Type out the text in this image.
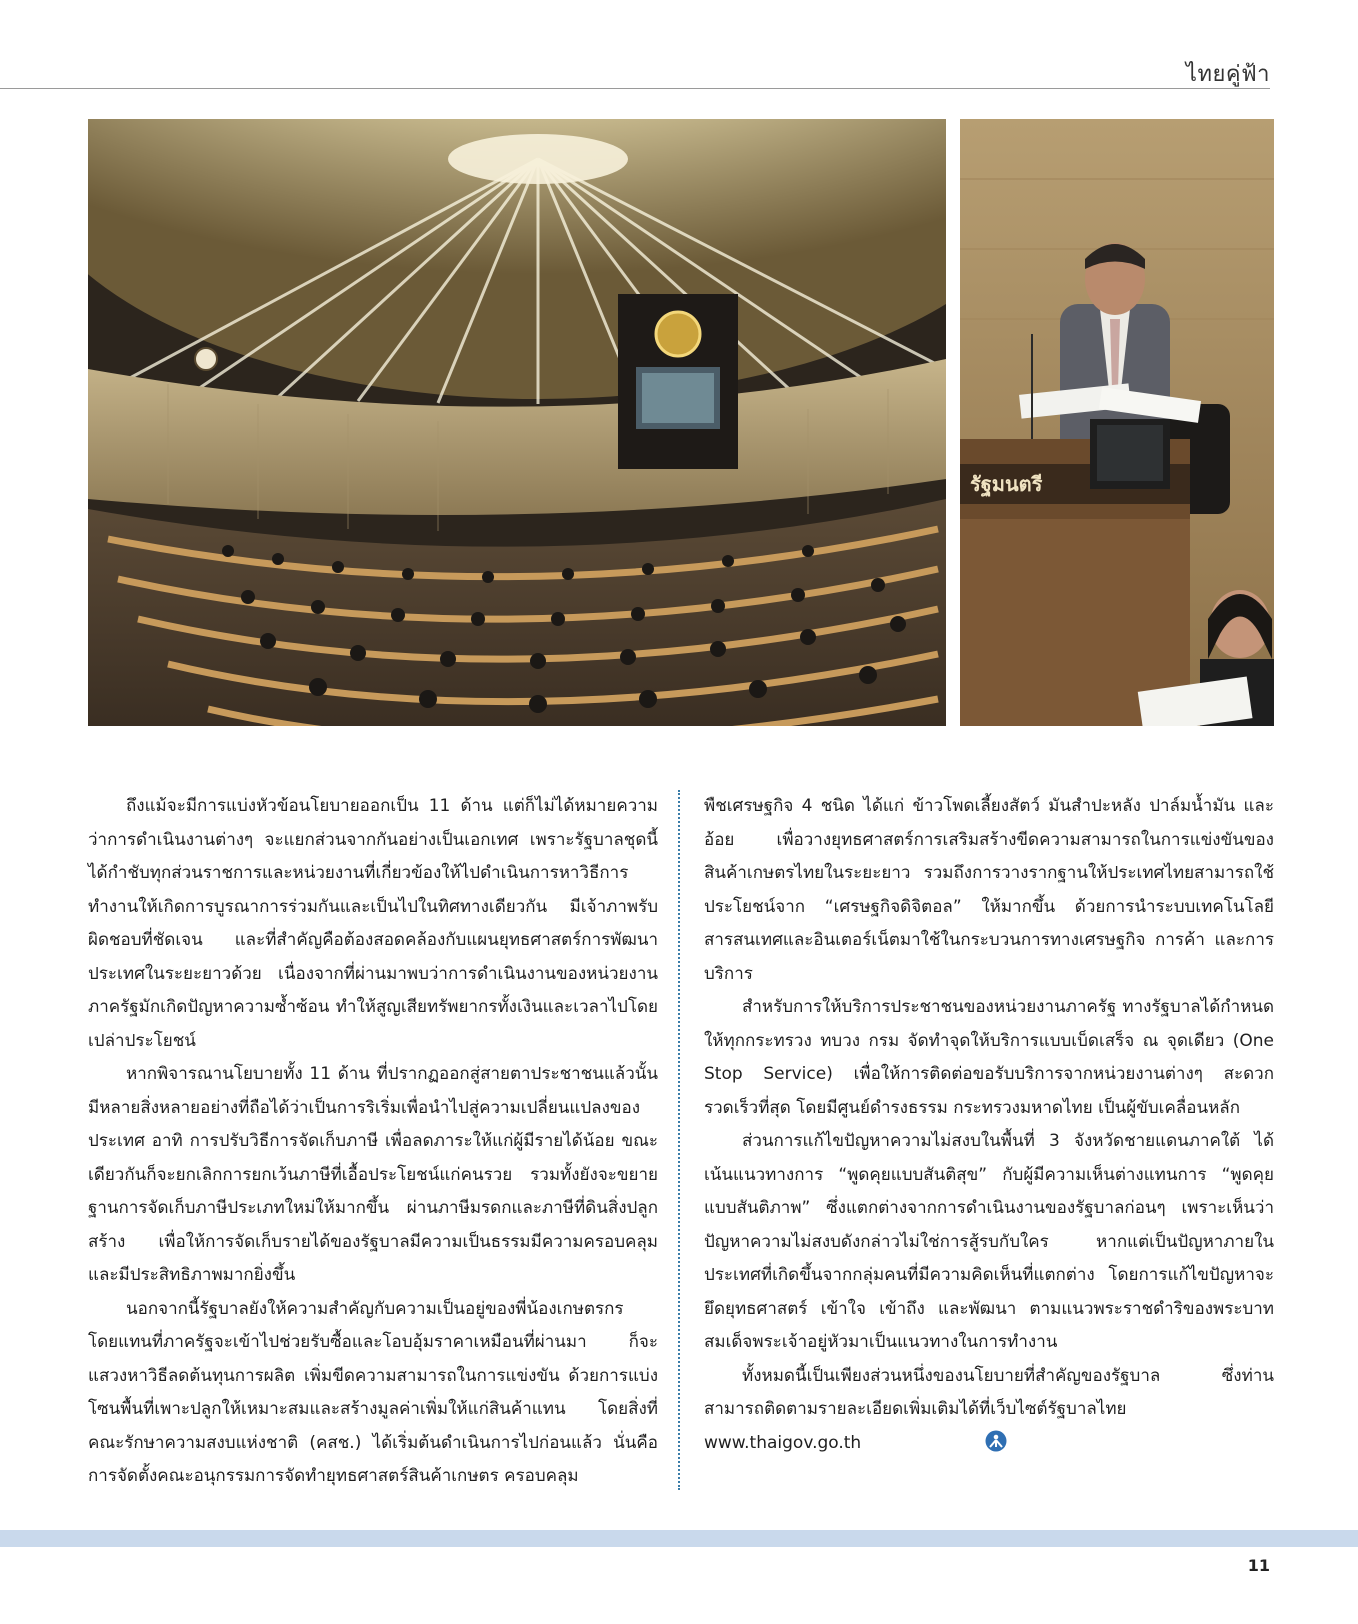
ไทยคู่ฟ้า
รัฐมนตรี

ถึงแม้จะมีการแบ่งหัวข้อนโยบายออกเป็น 11 ด้าน แต่ก็ไม่ได้หมายความว่าการดำเนินงานต่างๆ จะแยกส่วนจากกันอย่างเป็นเอกเทศ เพราะรัฐบาลชุดนี้ได้กำชับทุกส่วนราชการและหน่วยงานที่เกี่ยวข้องให้ไปดำเนินการหาวิธีการทำงานให้เกิดการบูรณาการร่วมกันและเป็นไปในทิศทางเดียวกัน มีเจ้าภาพรับผิดชอบที่ชัดเจน และที่สำคัญคือต้องสอดคล้องกับแผนยุทธศาสตร์การพัฒนาประเทศในระยะยาวด้วย เนื่องจากที่ผ่านมาพบว่าการดำเนินงานของหน่วยงานภาครัฐมักเกิดปัญหาความซ้ำซ้อน ทำให้สูญเสียทรัพยากรทั้งเงินและเวลาไปโดยเปล่าประโยชน์

หากพิจารณานโยบายทั้ง 11 ด้าน ที่ปรากฏออกสู่สายตาประชาชนแล้วนั้น มีหลายสิ่งหลายอย่างที่ถือได้ว่าเป็นการริเริ่มเพื่อนำไปสู่ความเปลี่ยนแปลงของประเทศ อาทิ การปรับวิธีการจัดเก็บภาษี เพื่อลดภาระให้แก่ผู้มีรายได้น้อย ขณะเดียวกันก็จะยกเลิกการยกเว้นภาษีที่เอื้อประโยชน์แก่คนรวย รวมทั้งยังจะขยายฐานการจัดเก็บภาษีประเภทใหม่ให้มากขึ้น ผ่านภาษีมรดกและภาษีที่ดินสิ่งปลูกสร้าง เพื่อให้การจัดเก็บรายได้ของรัฐบาลมีความเป็นธรรมมีความครอบคลุม และมีประสิทธิภาพมากยิ่งขึ้น

นอกจากนี้รัฐบาลยังให้ความสำคัญกับความเป็นอยู่ของพี่น้องเกษตรกร โดยแทนที่ภาครัฐจะเข้าไปช่วยรับซื้อและโอบอุ้มราคาเหมือนที่ผ่านมา ก็จะแสวงหาวิธีลดต้นทุนการผลิต เพิ่มขีดความสามารถในการแข่งขัน ด้วยการแบ่งโซนพื้นที่เพาะปลูกให้เหมาะสมและสร้างมูลค่าเพิ่มให้แก่สินค้าแทน โดยสิ่งที่ คณะรักษาความสงบแห่งชาติ (คสช.) ได้เริ่มต้นดำเนินการไปก่อนแล้ว นั่นคือ การจัดตั้งคณะอนุกรรมการจัดทำยุทธศาสตร์สินค้าเกษตร ครอบคลุม

พืชเศรษฐกิจ 4 ชนิด ได้แก่ ข้าวโพดเลี้ยงสัตว์ มันสำปะหลัง ปาล์มน้ำมัน และอ้อย เพื่อวางยุทธศาสตร์การเสริมสร้างขีดความสามารถในการแข่งขันของสินค้าเกษตรไทยในระยะยาว รวมถึงการวางรากฐานให้ประเทศไทยสามารถใช้ประโยชน์จาก “เศรษฐกิจดิจิตอล” ให้มากขึ้น ด้วยการนำระบบเทคโนโลยีสารสนเทศและอินเตอร์เน็ตมาใช้ในกระบวนการทางเศรษฐกิจ การค้า และการบริการ

สำหรับการให้บริการประชาชนของหน่วยงานภาครัฐ ทางรัฐบาลได้กำหนดให้ทุกกระทรวง ทบวง กรม จัดทำจุดให้บริการแบบเบ็ดเสร็จ ณ จุดเดียว (One Stop Service) เพื่อให้การติดต่อขอรับบริการจากหน่วยงานต่างๆ สะดวกรวดเร็วที่สุด โดยมีศูนย์ดำรงธรรม กระทรวงมหาดไทย เป็นผู้ขับเคลื่อนหลัก

ส่วนการแก้ไขปัญหาความไม่สงบในพื้นที่ 3 จังหวัดชายแดนภาคใต้ ได้เน้นแนวทางการ “พูดคุยแบบสันติสุข” กับผู้มีความเห็นต่างแทนการ “พูดคุยแบบสันติภาพ” ซึ่งแตกต่างจากการดำเนินงานของรัฐบาลก่อนๆ เพราะเห็นว่าปัญหาความไม่สงบดังกล่าวไม่ใช่การสู้รบกับใคร หากแต่เป็นปัญหาภายในประเทศที่เกิดขึ้นจากกลุ่มคนที่มีความคิดเห็นที่แตกต่าง โดยการแก้ไขปัญหาจะยึดยุทธศาสตร์ เข้าใจ เข้าถึง และพัฒนา ตามแนวพระราชดำริของพระบาทสมเด็จพระเจ้าอยู่หัวมาเป็นแนวทางในการทำงาน

ทั้งหมดนี้เป็นเพียงส่วนหนึ่งของนโยบายที่สำคัญของรัฐบาล ซึ่งท่านสามารถติดตามรายละเอียดเพิ่มเติมได้ที่เว็บไซต์รัฐบาลไทย www.thaigov.go.th

11
